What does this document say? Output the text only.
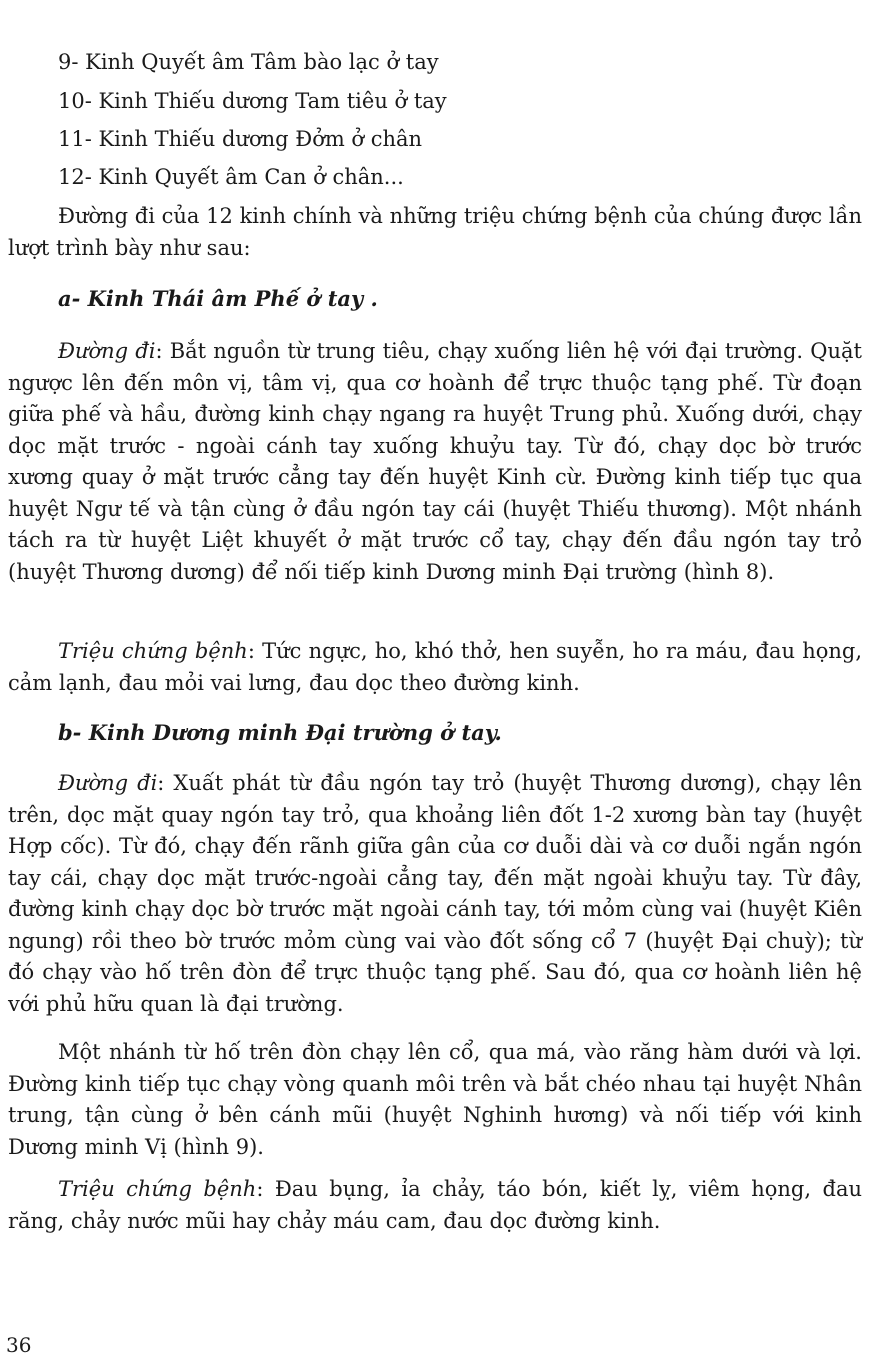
9- Kinh Quyết âm Tâm bào lạc ở tay
10- Kinh Thiếu dương Tam tiêu ở tay
11- Kinh Thiếu dương Đởm ở chân
12- Kinh Quyết âm Can ở chân...

Đường đi của 12 kinh chính và những triệu chứng bệnh của chúng được lần lượt trình bày như sau:

a- Kinh Thái âm Phế ở tay .

Đường đi: Bắt nguồn từ trung tiêu, chạy xuống liên hệ với đại trường. Quặt ngược lên đến môn vị, tâm vị, qua cơ hoành để trực thuộc tạng phế. Từ đoạn giữa phế và hầu, đường kinh chạy ngang ra huyệt Trung phủ. Xuống dưới, chạy dọc mặt trước - ngoài cánh tay xuống khuỷu tay. Từ đó, chạy dọc bờ trước xương quay ở mặt trước cẳng tay đến huyệt Kinh cừ. Đường kinh tiếp tục qua huyệt Ngư tế và tận cùng ở đầu ngón tay cái (huyệt Thiếu thương). Một nhánh tách ra từ huyệt Liệt khuyết ở mặt trước cổ tay, chạy đến đầu ngón tay trỏ (huyệt Thương dương) để nối tiếp kinh Dương minh Đại trường (hình 8).

Triệu chứng bệnh: Tức ngực, ho, khó thở, hen suyễn, ho ra máu, đau họng, cảm lạnh, đau mỏi vai lưng, đau dọc theo đường kinh.

b- Kinh Dương minh Đại trường ở tay.

Đường đi: Xuất phát từ đầu ngón tay trỏ (huyệt Thương dương), chạy lên trên, dọc mặt quay ngón tay trỏ, qua khoảng liên đốt 1-2 xương bàn tay (huyệt Hợp cốc). Từ đó, chạy đến rãnh giữa gân của cơ duỗi dài và cơ duỗi ngắn ngón tay cái, chạy dọc mặt trước-ngoài cẳng tay, đến mặt ngoài khuỷu tay. Từ đây, đường kinh chạy dọc bờ trước mặt ngoài cánh tay, tới mỏm cùng vai (huyệt Kiên ngung) rồi theo bờ trước mỏm cùng vai vào đốt sống cổ 7 (huyệt Đại chuỳ); từ đó chạy vào hố trên đòn để trực thuộc tạng phế. Sau đó, qua cơ hoành liên hệ với phủ hữu quan là đại trường.

Một nhánh từ hố trên đòn chạy lên cổ, qua má, vào răng hàm dưới và lợi. Đường kinh tiếp tục chạy vòng quanh môi trên và bắt chéo nhau tại huyệt Nhân trung, tận cùng ở bên cánh mũi (huyệt Nghinh hương) và nối tiếp với kinh Dương minh Vị (hình 9).

Triệu chứng bệnh: Đau bụng, ỉa chảy, táo bón, kiết lỵ, viêm họng, đau răng, chảy nước mũi hay chảy máu cam, đau dọc đường kinh.

36
